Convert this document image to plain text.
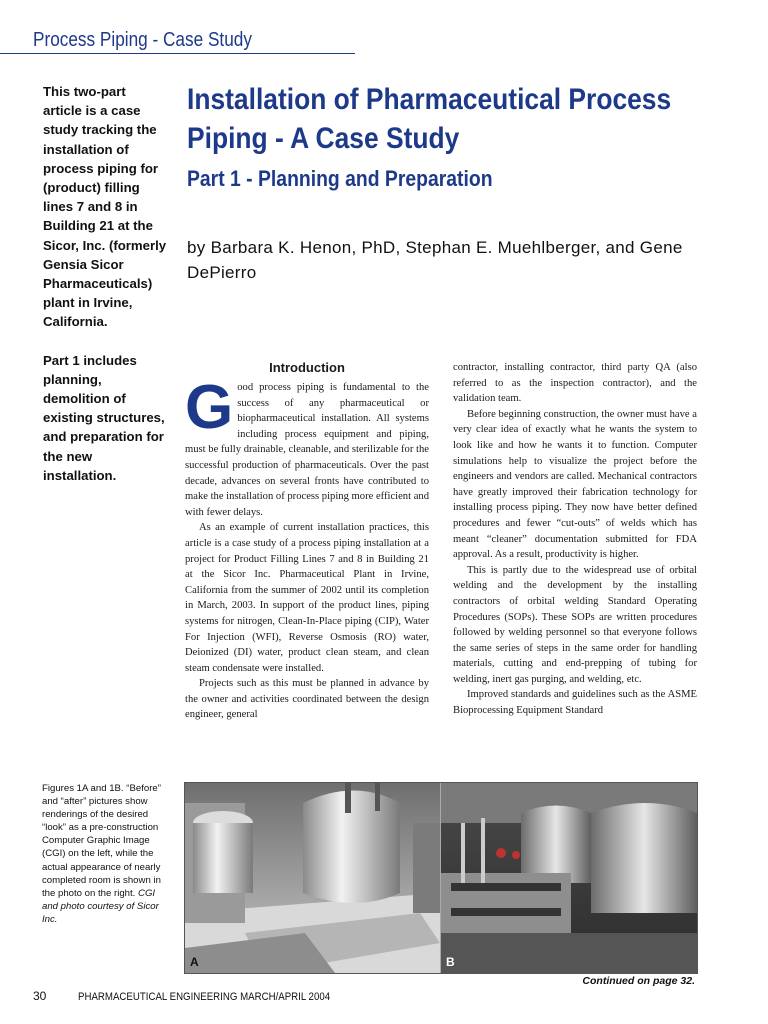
Process Piping - Case Study

This two-part article is a case study tracking the installation of process piping for (product) filling lines 7 and 8 in Building 21 at the Sicor, Inc. (formerly Gensia Sicor Pharmaceuticals) plant in Irvine, California.

Part 1 includes planning, demolition of existing structures, and preparation for the new installation.

Installation of Pharmaceutical Process Piping - A Case Study
Part 1 - Planning and Preparation
by Barbara K. Henon, PhD, Stephan E. Muehlberger, and Gene DePierro
Introduction
G ood process piping is fundamental to the success of any pharmaceutical or biopharmaceutical installation. All systems including process equipment and piping, must be fully drainable, cleanable, and sterilizable for the successful production of pharmaceuticals. Over the past decade, advances on several fronts have contributed to make the installation of process piping more efficient and with fewer delays.

As an example of current installation practices, this article is a case study of a process piping installation at a project for Product Filling Lines 7 and 8 in Building 21 at the Sicor Inc. Pharmaceutical Plant in Irvine, California from the summer of 2002 until its completion in March, 2003. In support of the product lines, piping systems for nitrogen, Clean-In-Place piping (CIP), Water For Injection (WFI), Reverse Osmosis (RO) water, Deionized (DI) water, product clean steam, and clean steam condensate were installed.

Projects such as this must be planned in advance by the owner and activities coordinated between the design engineer, general

contractor, installing contractor, third party QA (also referred to as the inspection contractor), and the validation team.

Before beginning construction, the owner must have a very clear idea of exactly what he wants the system to look like and how he wants it to function. Computer simulations help to visualize the project before the engineers and vendors are called. Mechanical contractors have greatly improved their fabrication technology for installing process piping. They now have better defined procedures and fewer “cut-outs” of welds which has meant “cleaner” documentation submitted for FDA approval. As a result, productivity is higher.

This is partly due to the widespread use of orbital welding and the development by the installing contractors of orbital welding Standard Operating Procedures (SOPs). These SOPs are written procedures followed by welding personnel so that everyone follows the same series of steps in the same order for handling materials, cutting and end-prepping of tubing for welding, inert gas purging, and welding, etc.

Improved standards and guidelines such as the ASME Bioprocessing Equipment Standard

Figures 1A and 1B. “Before” and “after” pictures show renderings of the desired “look” as a pre-construction Computer Graphic Image (CGI) on the left, while the actual appearance of nearly completed room is shown in the photo on the right. CGI and photo courtesy of Sicor Inc.
A	B
Continued on page 32.
30	PHARMACEUTICAL ENGINEERING MARCH/APRIL 2004
